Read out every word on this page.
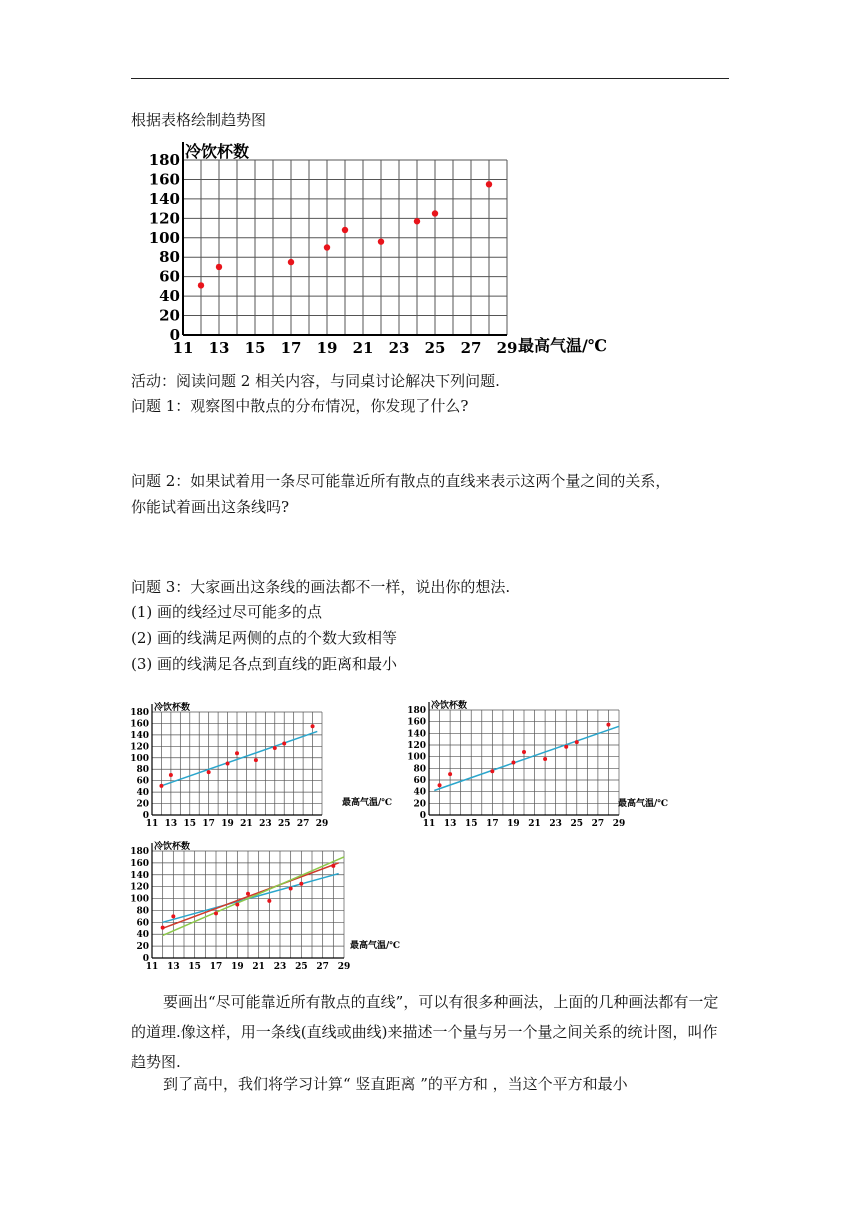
根据表格绘制趋势图
11 13 15 17 19 21 23 25 27 29
0
20
40
60
80
100
120
140
160
180 冷饮杯数
最高气温/℃
活动：阅读问题 2 相关内容，与同桌讨论解决下列问题.
问题 1：观察图中散点的分布情况，你发现了什么?
问题 2：如果试着用一条尽可能靠近所有散点的直线来表示这两个量之间的关系，
你能试着画出这条线吗?
问题 3：大家画出这条线的画法都不一样，说出你的想法.
(1) 画的线经过尽可能多的点
(2) 画的线满足两侧的点的个数大致相等
(3) 画的线满足各点到直线的距离和最小
11 13 15 17 19 21 23 25 27 29
0
20
40
60
80
100
120
140
160
180 冷饮杯数
最高气温/℃
11 13 15 17 19 21 23 25 27 29
0
20
40
60
80
100
120
140
160
180 冷饮杯数
最高气温/℃
11 13 15 17 19 21 23 25 27 29
0
20
40
60
80
100
120
140
160
180 冷饮杯数
最高气温/℃
要画出“尽可能靠近所有散点的直线”，可以有很多种画法，上面的几种画法都有一定的道理.像这样，用一条线(直线或曲线)来描述一个量与另一个量之间关系的统计图，叫作趋势图.
到了高中，我们将学习计算“ 竖直距离 ”的平方和 ，当这个平方和最小
